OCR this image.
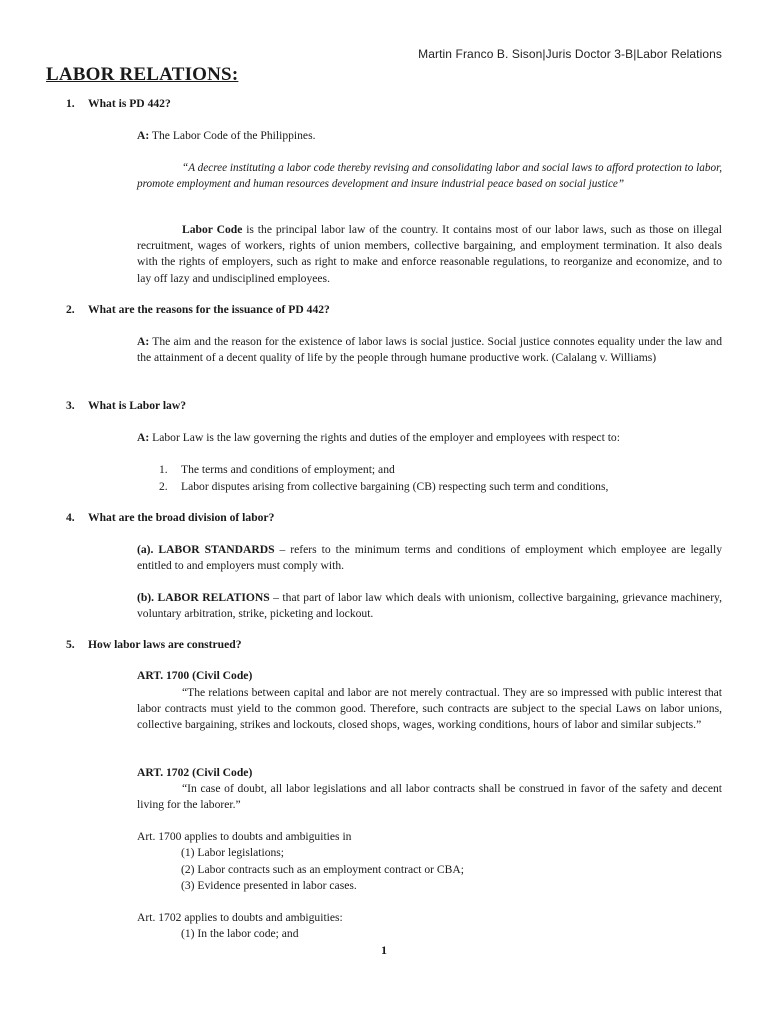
Martin Franco B. Sison|Juris Doctor 3-B|Labor Relations
LABOR RELATIONS:

1. What is PD 442?

A: The Labor Code of the Philippines.

“A decree instituting a labor code thereby revising and consolidating labor and social laws to afford protection to labor, promote employment and human resources development and insure industrial peace based on social justice”

Labor Code is the principal labor law of the country. It contains most of our labor laws, such as those on illegal recruitment, wages of workers, rights of union members, collective bargaining, and employment termination. It also deals with the rights of employers, such as right to make and enforce reasonable regulations, to reorganize and economize, and to lay off lazy and undisciplined employees.

2. What are the reasons for the issuance of PD 442?

A: The aim and the reason for the existence of labor laws is social justice. Social justice connotes equality under the law and the attainment of a decent quality of life by the people through humane productive work. (Calalang v. Williams)

3. What is Labor law?

A: Labor Law is the law governing the rights and duties of the employer and employees with respect to:

1. The terms and conditions of employment; and

2. Labor disputes arising from collective bargaining (CB) respecting such term and conditions,

4. What are the broad division of labor?

(a). LABOR STANDARDS – refers to the minimum terms and conditions of employment which employee are legally entitled to and employers must comply with.

(b). LABOR RELATIONS – that part of labor law which deals with unionism, collective bargaining, grievance machinery, voluntary arbitration, strike, picketing and lockout.

5. How labor laws are construed?

ART. 1700 (Civil Code)

“The relations between capital and labor are not merely contractual. They are so impressed with public interest that labor contracts must yield to the common good. Therefore, such contracts are subject to the special Laws on labor unions, collective bargaining, strikes and lockouts, closed shops, wages, working conditions, hours of labor and similar subjects.”

ART. 1702 (Civil Code)

“In case of doubt, all labor legislations and all labor contracts shall be construed in favor of the safety and decent living for the laborer.”

Art. 1700 applies to doubts and ambiguities in

(1) Labor legislations;

(2) Labor contracts such as an employment contract or CBA;

(3) Evidence presented in labor cases.

Art. 1702 applies to doubts and ambiguities:

(1) In the labor code; and

1
